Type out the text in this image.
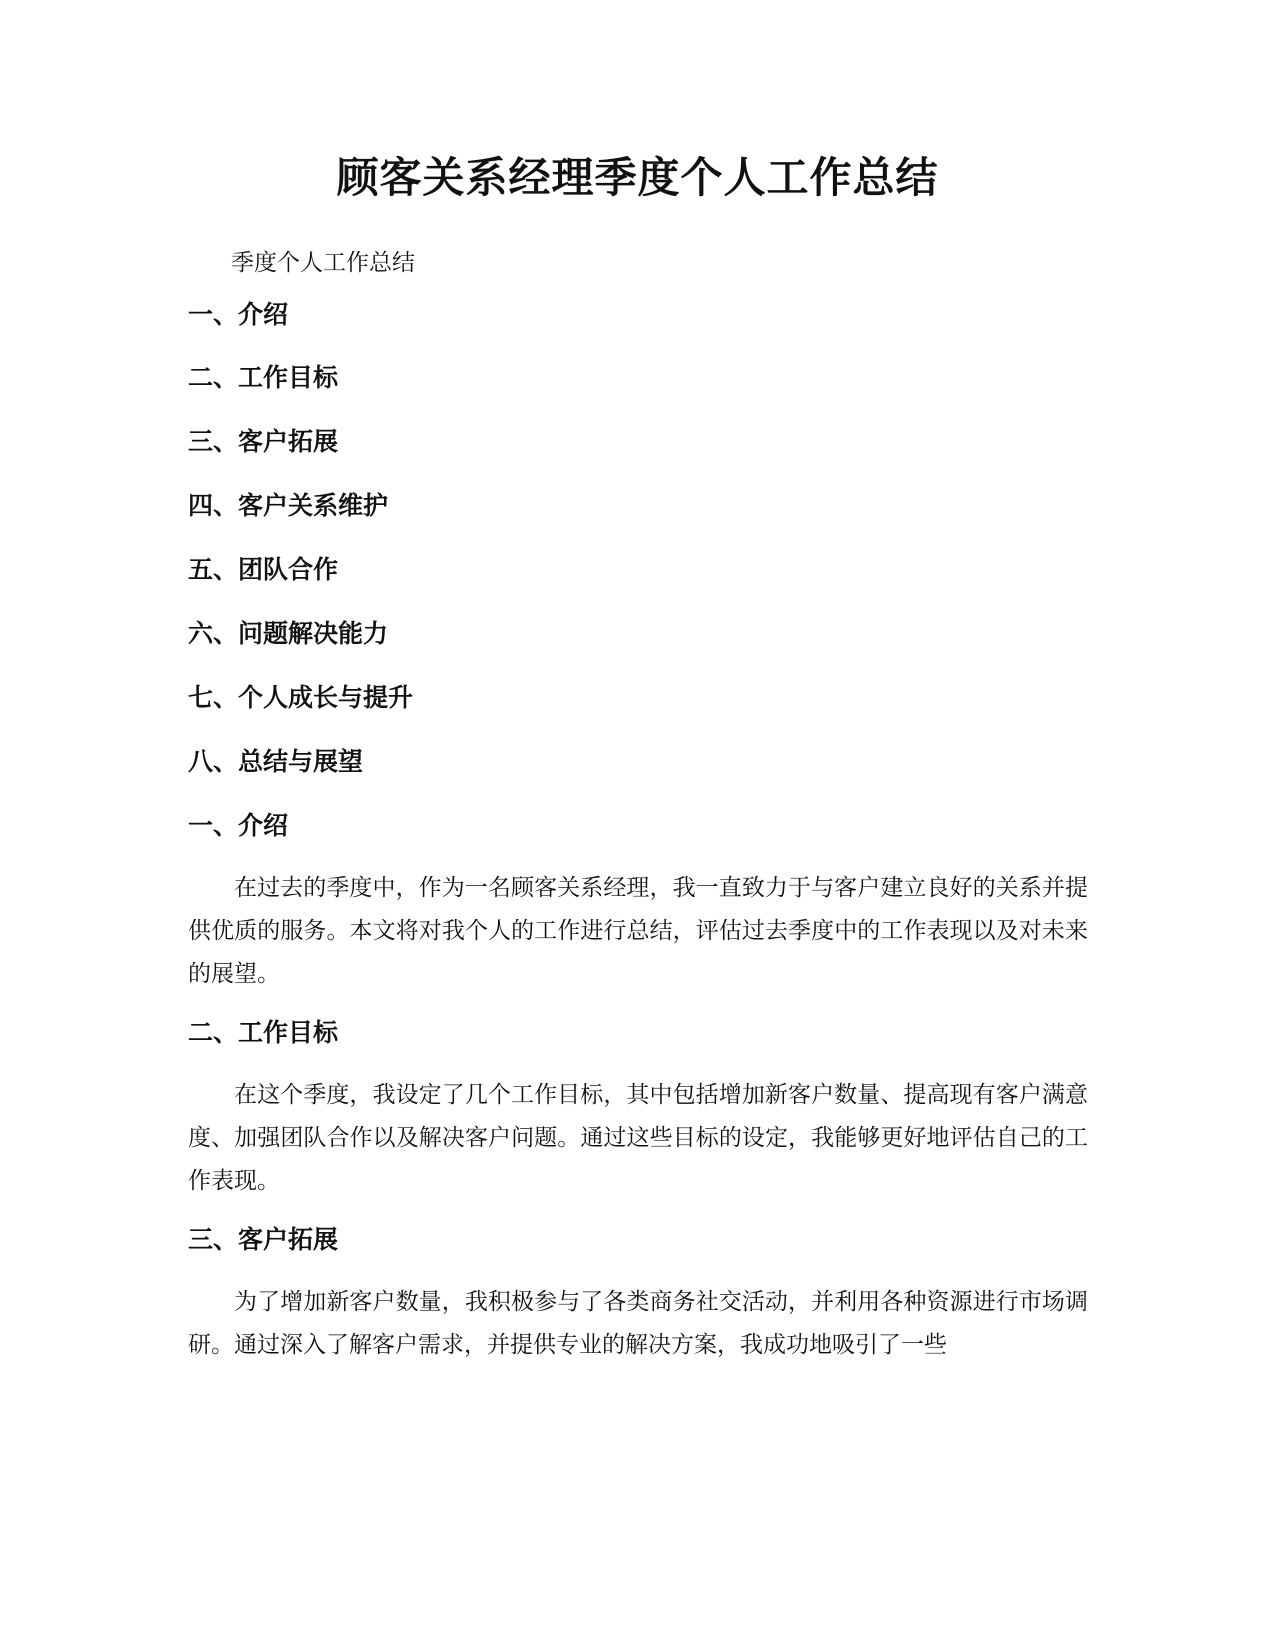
顾客关系经理季度个人工作总结

季度个人工作总结

一、介绍

二、工作目标

三、客户拓展

四、客户关系维护

五、团队合作

六、问题解决能力

七、个人成长与提升

八、总结与展望

一、介绍

在过去的季度中，作为一名顾客关系经理，我一直致力于与客户建立良好的关系并提供优质的服务。本文将对我个人的工作进行总结，评估过去季度中的工作表现以及对未来的展望。

二、工作目标

在这个季度，我设定了几个工作目标，其中包括增加新客户数量、提高现有客户满意度、加强团队合作以及解决客户问题。通过这些目标的设定，我能够更好地评估自己的工作表现。

三、客户拓展

为了增加新客户数量，我积极参与了各类商务社交活动，并利用各种资源进行市场调研。通过深入了解客户需求，并提供专业的解决方案，我成功地吸引了一些
